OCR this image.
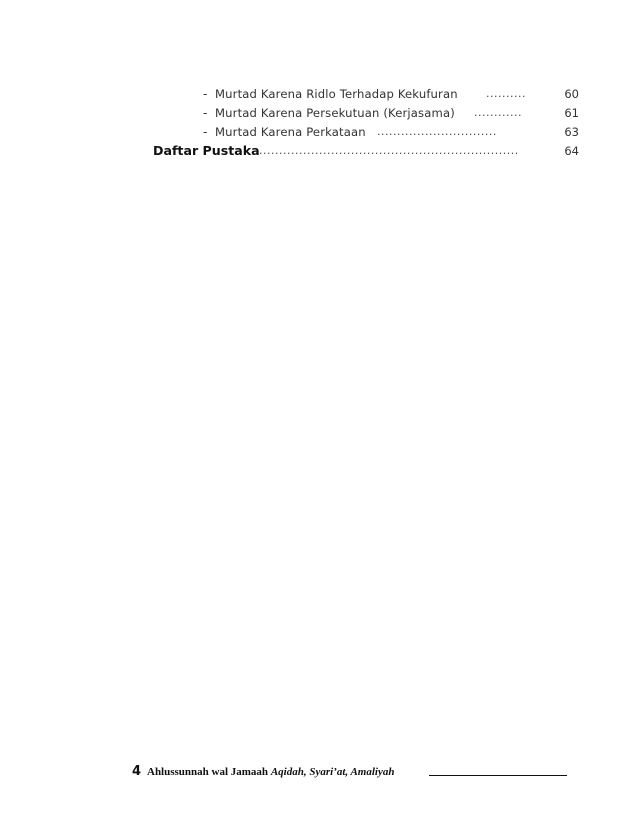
- Murtad Karena Ridlo Terhadap Kekufuran	..........	60
- Murtad Karena Persekutuan (Kerjasama) ............	61
- Murtad Karena Perkataan ..............................	63
Daftar Pustaka .................................................................	64
4 Ahlussunnah wal Jamaah Aqidah, Syari’at, Amaliyah
